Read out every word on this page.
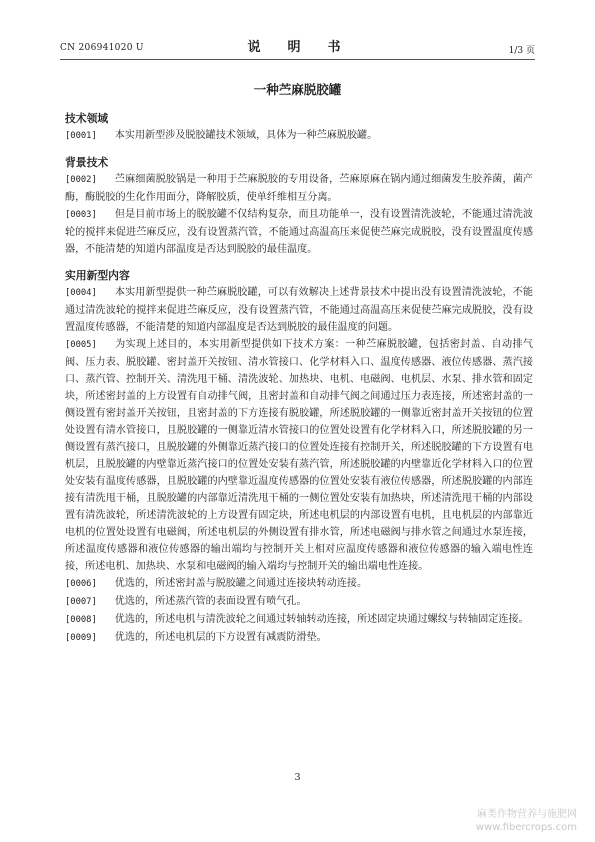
CN 206941020 U	说　明　书	1/3 页
一种苎麻脱胶罐
技术领域

[0001] 本实用新型涉及脱胶罐技术领域，具体为一种苎麻脱胶罐。

背景技术

[0002] 苎麻细菌脱胶锅是一种用于苎麻脱胶的专用设备，苎麻原麻在锅内通过细菌发生胶养菌，菌产酶，酶脱胶的生化作用面分，降解胶质，使单纤维相互分离。

[0003] 但是目前市场上的脱胶罐不仅结构复杂，而且功能单一，没有设置清洗波轮，不能通过清洗波轮的搅拌来促进苎麻反应，没有设置蒸汽管，不能通过高温高压来促使苎麻完成脱胶，没有设置温度传感器，不能清楚的知道内部温度是否达到脱胶的最佳温度。

实用新型内容

[0004] 本实用新型提供一种苎麻脱胶罐，可以有效解决上述背景技术中提出没有设置清洗波轮，不能通过清洗波轮的搅拌来促进苎麻反应，没有设置蒸汽管，不能通过高温高压来促使苎麻完成脱胶，没有设置温度传感器，不能清楚的知道内部温度是否达到脱胶的最佳温度的问题。

[0005] 为实现上述目的，本实用新型提供如下技术方案：一种苎麻脱胶罐，包括密封盖、自动排气阀、压力表、脱胶罐、密封盖开关按钮、清水管接口、化学材料入口、温度传感器、液位传感器、蒸汽接口、蒸汽管、控制开关、清洗甩干桶、清洗波轮、加热块、电机、电磁阀、电机层、水泵、排水管和固定块，所述密封盖的上方设置有自动排气阀，且密封盖和自动排气阀之间通过压力表连接，所述密封盖的一侧设置有密封盖开关按钮，且密封盖的下方连接有脱胶罐，所述脱胶罐的一侧靠近密封盖开关按钮的位置处设置有清水管接口，且脱胶罐的一侧靠近清水管接口的位置处设置有化学材料入口，所述脱胶罐的另一侧设置有蒸汽接口，且脱胶罐的外侧靠近蒸汽接口的位置处连接有控制开关，所述脱胶罐的下方设置有电机层，且脱胶罐的内壁靠近蒸汽接口的位置处安装有蒸汽管，所述脱胶罐的内壁靠近化学材料入口的位置处安装有温度传感器，且脱胶罐的内壁靠近温度传感器的位置处安装有液位传感器，所述脱胶罐的内部连接有清洗甩干桶，且脱胶罐的内部靠近清洗甩干桶的一侧位置处安装有加热块，所述清洗甩干桶的内部设置有清洗波轮，所述清洗波轮的上方设置有固定块，所述电机层的内部设置有电机，且电机层的内部靠近电机的位置处设置有电磁阀，所述电机层的外侧设置有排水管，所述电磁阀与排水管之间通过水泵连接，所述温度传感器和液位传感器的输出端均与控制开关上相对应温度传感器和液位传感器的输入端电性连接，所述电机、加热块、水泵和电磁阀的输入端均与控制开关的输出端电性连接。

[0006] 优选的，所述密封盖与脱胶罐之间通过连接块转动连接。

[0007] 优选的，所述蒸汽管的表面设置有喷气孔。

[0008] 优选的，所述电机与清洗波轮之间通过转轴转动连接，所述固定块通过螺纹与转轴固定连接。

[0009] 优选的，所述电机层的下方设置有减震防滑垫。

3
麻类作物营养与施肥网
www.fibercrops.com
